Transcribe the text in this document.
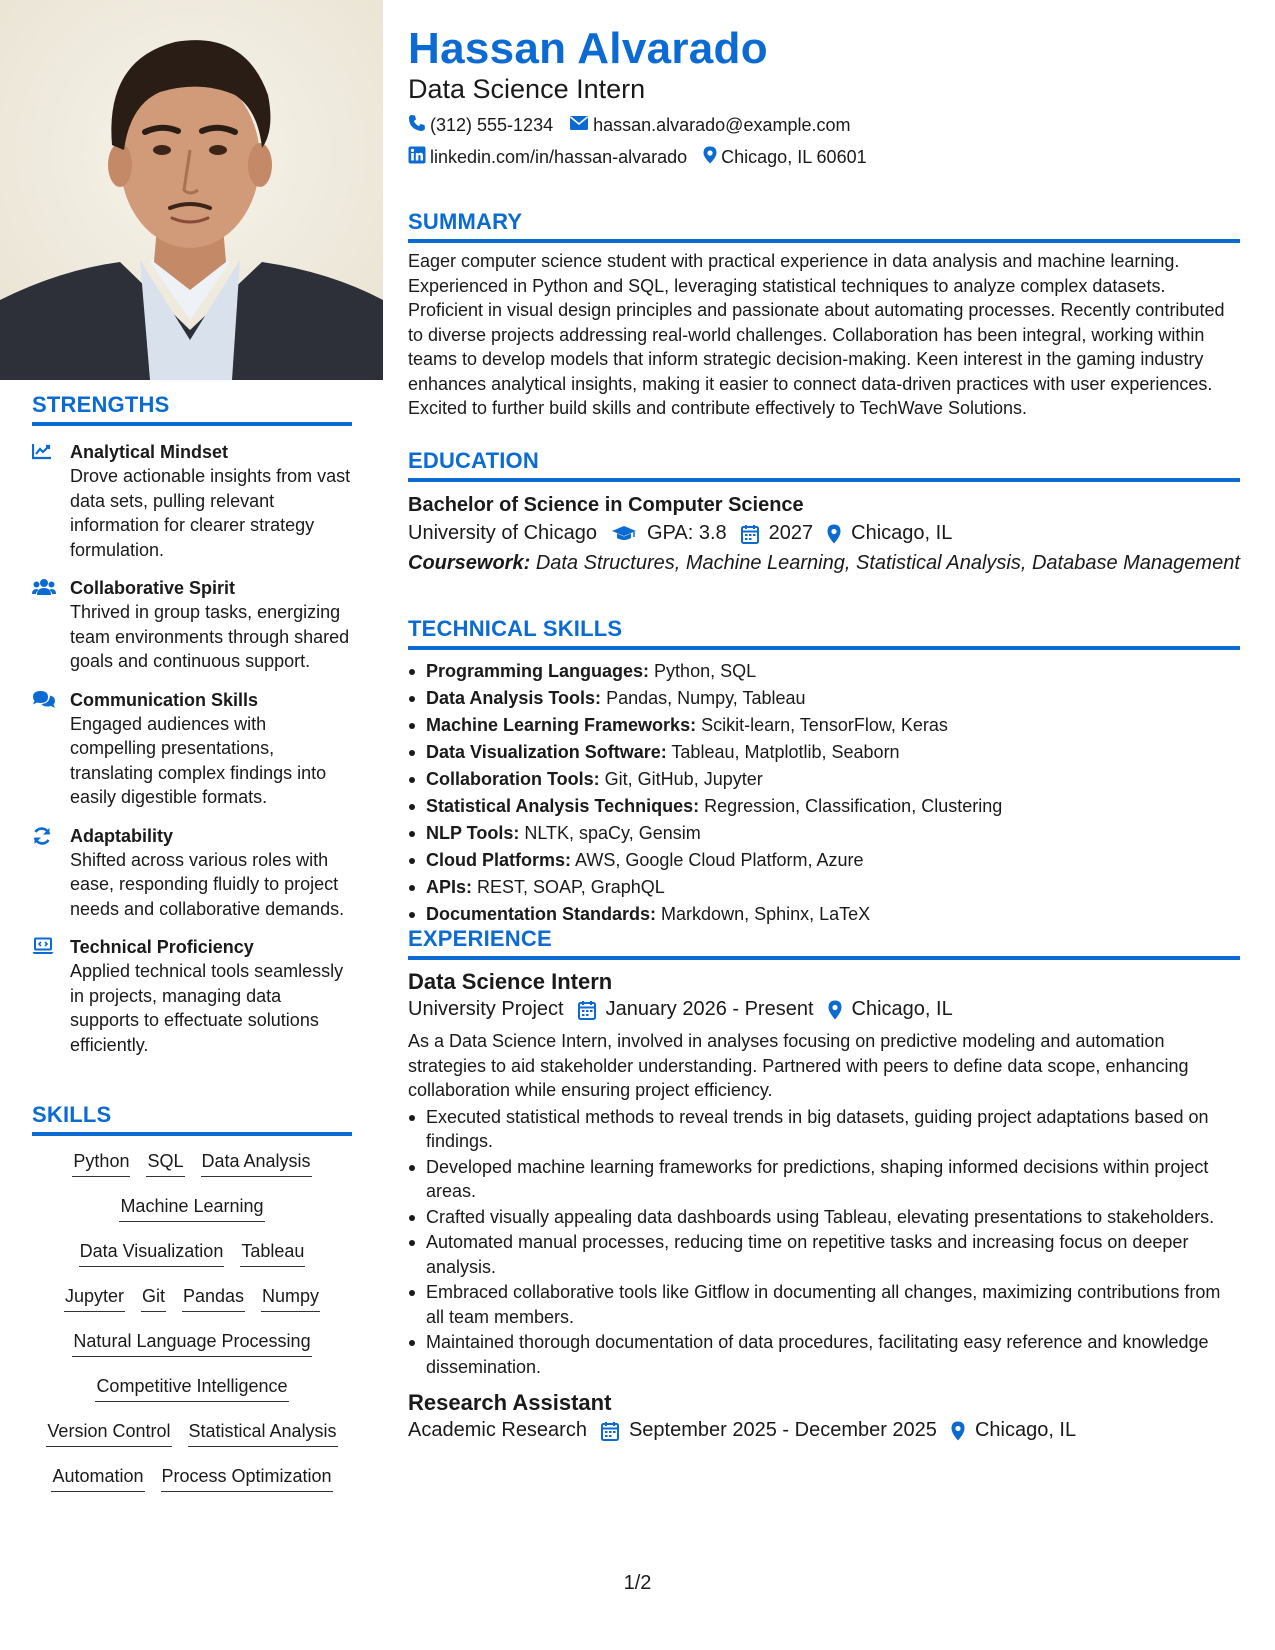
STRENGTHS
Analytical Mindset
Drove actionable insights from vast data sets, pulling relevant information for clearer strategy formulation.
Collaborative Spirit
Thrived in group tasks, energizing team environments through shared goals and continuous support.
Communication Skills
Engaged audiences with compelling presentations, translating complex findings into easily digestible formats.
Adaptability
Shifted across various roles with ease, responding fluidly to project needs and collaborative demands.
Technical Proficiency
Applied technical tools seamlessly in projects, managing data supports to effectuate solutions efficiently.
SKILLS
Python SQL Data Analysis
Machine Learning
Data Visualization Tableau
Jupyter Git Pandas Numpy
Natural Language Processing
Competitive Intelligence
Version Control Statistical Analysis
Automation Process Optimization
Hassan Alvarado
Data Science Intern
(312) 555-1234 hassan.alvarado@example.com
linkedin.com/in/hassan-alvarado Chicago, IL 60601
SUMMARY
Eager computer science student with practical experience in data analysis and machine learning. Experienced in Python and SQL, leveraging statistical techniques to analyze complex datasets. Proficient in visual design principles and passionate about automating processes. Recently contributed to diverse projects addressing real-world challenges. Collaboration has been integral, working within teams to develop models that inform strategic decision-making. Keen interest in the gaming industry enhances analytical insights, making it easier to connect data-driven practices with user experiences. Excited to further build skills and contribute effectively to TechWave Solutions.
EDUCATION
Bachelor of Science in Computer Science
University of Chicago	GPA: 3.8 2027 Chicago, IL
Coursework: Data Structures, Machine Learning, Statistical Analysis, Database Management
TECHNICAL SKILLS
Programming Languages: Python, SQL
Data Analysis Tools: Pandas, Numpy, Tableau
Machine Learning Frameworks: Scikit-learn, TensorFlow, Keras
Data Visualization Software: Tableau, Matplotlib, Seaborn
Collaboration Tools: Git, GitHub, Jupyter
Statistical Analysis Techniques: Regression, Classification, Clustering
NLP Tools: NLTK, spaCy, Gensim
Cloud Platforms: AWS, Google Cloud Platform, Azure
APIs: REST, SOAP, GraphQL
Documentation Standards: Markdown, Sphinx, LaTeX
EXPERIENCE
Data Science Intern
University Project January 2026 - Present Chicago, IL
As a Data Science Intern, involved in analyses focusing on predictive modeling and automation strategies to aid stakeholder understanding. Partnered with peers to define data scope, enhancing collaboration while ensuring project efficiency.
Executed statistical methods to reveal trends in big datasets, guiding project adaptations based on findings.
Developed machine learning frameworks for predictions, shaping informed decisions within project areas.
Crafted visually appealing data dashboards using Tableau, elevating presentations to stakeholders.
Automated manual processes, reducing time on repetitive tasks and increasing focus on deeper analysis.
Embraced collaborative tools like Gitflow in documenting all changes, maximizing contributions from all team members.
Maintained thorough documentation of data procedures, facilitating easy reference and knowledge dissemination.
Research Assistant
Academic Research September 2025 - December 2025 Chicago, IL
1/2
